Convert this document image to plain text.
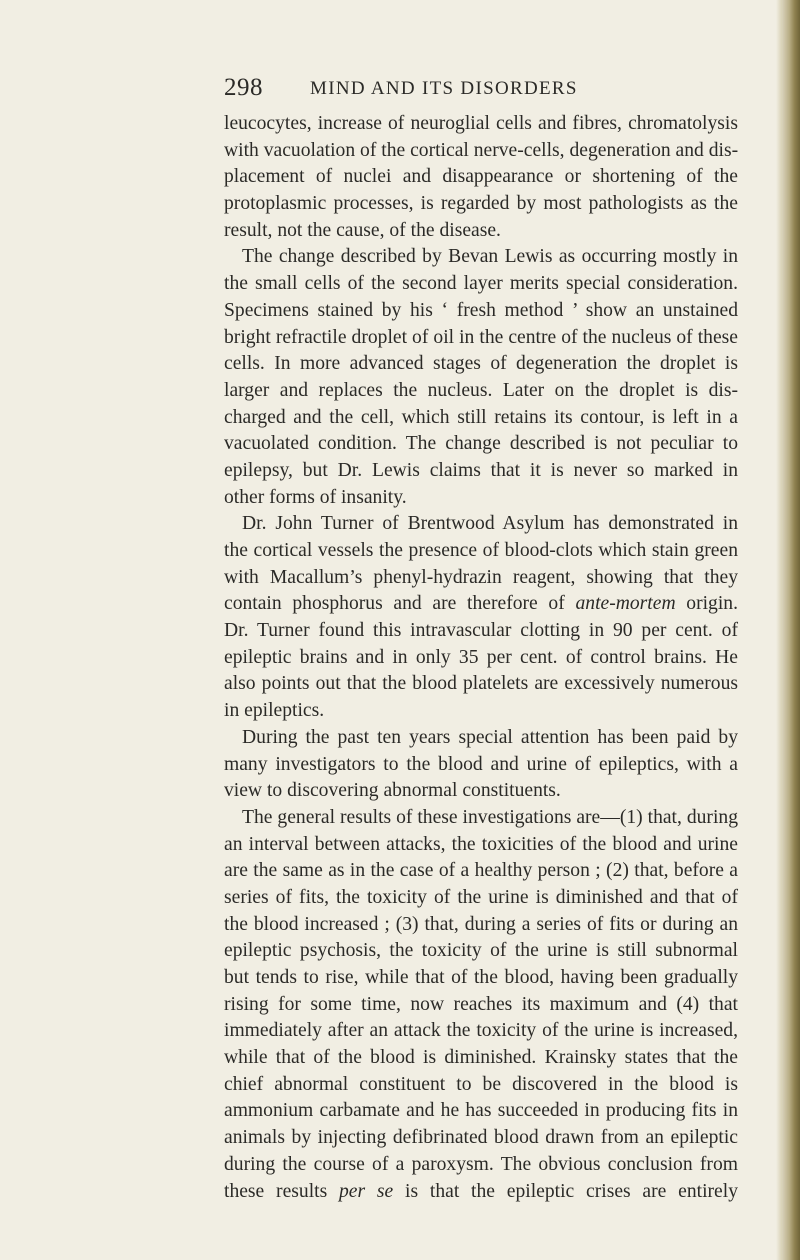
298 MIND AND ITS DISORDERS
leucocytes, increase of neuroglial cells and fibres, chromatolysis
with vacuolation of the cortical nerve-cells, degeneration and dis-
placement of nuclei and disappearance or shortening of the
protoplasmic processes, is regarded by most pathologists as the
result, not the cause, of the disease.
The change described by Bevan Lewis as occurring mostly in
the small cells of the second layer merits special consideration.
Specimens stained by his ‘ fresh method ’ show an unstained
bright refractile droplet of oil in the centre of the nucleus of these
cells. In more advanced stages of degeneration the droplet is
larger and replaces the nucleus. Later on the droplet is dis-
charged and the cell, which still retains its contour, is left in a
vacuolated condition. The change described is not peculiar to
epilepsy, but Dr. Lewis claims that it is never so marked in
other forms of insanity.
Dr. John Turner of Brentwood Asylum has demonstrated in
the cortical vessels the presence of blood-clots which stain green
with Macallum’s phenyl-hydrazin reagent, showing that they
contain phosphorus and are therefore of ante-mortem origin.
Dr. Turner found this intravascular clotting in 90 per cent. of
epileptic brains and in only 35 per cent. of control brains. He
also points out that the blood platelets are excessively numerous
in epileptics.
During the past ten years special attention has been paid by
many investigators to the blood and urine of epileptics, with a
view to discovering abnormal constituents.
The general results of these investigations are—(1) that, during
an interval between attacks, the toxicities of the blood and urine
are the same as in the case of a healthy person ; (2) that, before a
series of fits, the toxicity of the urine is diminished and that of
the blood increased ; (3) that, during a series of fits or during an
epileptic psychosis, the toxicity of the urine is still subnormal
but tends to rise, while that of the blood, having been gradually
rising for some time, now reaches its maximum and (4) that
immediately after an attack the toxicity of the urine is increased,
while that of the blood is diminished. Krainsky states that the
chief abnormal constituent to be discovered in the blood is
ammonium carbamate and he has succeeded in producing fits in
animals by injecting defibrinated blood drawn from an epileptic
during the course of a paroxysm. The obvious conclusion from
these results per se is that the epileptic crises are entirely
